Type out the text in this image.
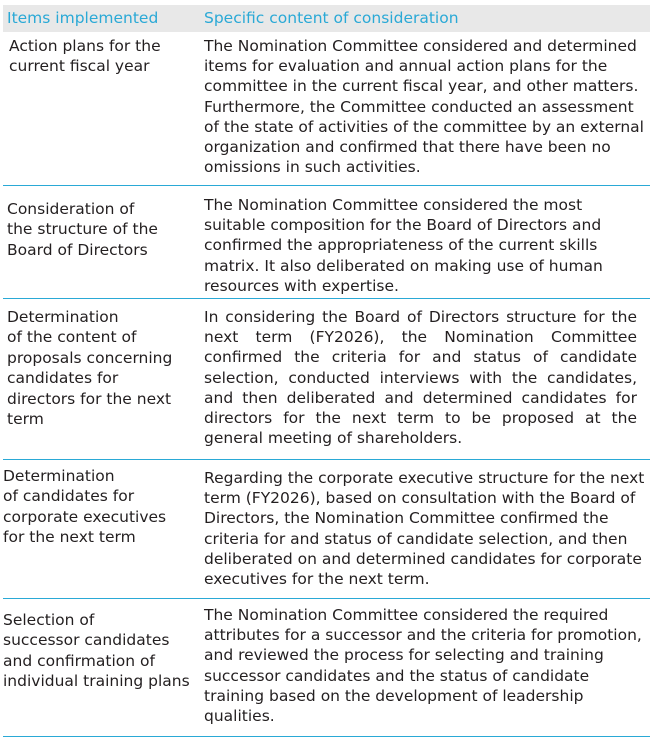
Items implemented	Specific content of consideration
Action plans for the
current fiscal year
The Nomination Committee considered and determined
items for evaluation and annual action plans for the
committee in the current fiscal year, and other matters.
Furthermore, the Committee conducted an assessment
of the state of activities of the committee by an external
organization and confirmed that there have been no
omissions in such activities.
Consideration of
the structure of the
Board of Directors
The Nomination Committee considered the most
suitable composition for the Board of Directors and
confirmed the appropriateness of the current skills
matrix. It also deliberated on making use of human
resources with expertise.
Determination
of the content of
proposals concerning
candidates for
directors for the next
term
In considering the Board of Directors structure for the
next term (FY2026), the Nomination Committee
confirmed the criteria for and status of candidate
selection, conducted interviews with the candidates,
and then deliberated and determined candidates for
directors for the next term to be proposed at the
general meeting of shareholders.
Determination
of candidates for
corporate executives
for the next term
Regarding the corporate executive structure for the next
term (FY2026), based on consultation with the Board of
Directors, the Nomination Committee confirmed the
criteria for and status of candidate selection, and then
deliberated on and determined candidates for corporate
executives for the next term.
Selection of
successor candidates
and confirmation of
individual training plans
The Nomination Committee considered the required
attributes for a successor and the criteria for promotion,
and reviewed the process for selecting and training
successor candidates and the status of candidate
training based on the development of leadership
qualities.
